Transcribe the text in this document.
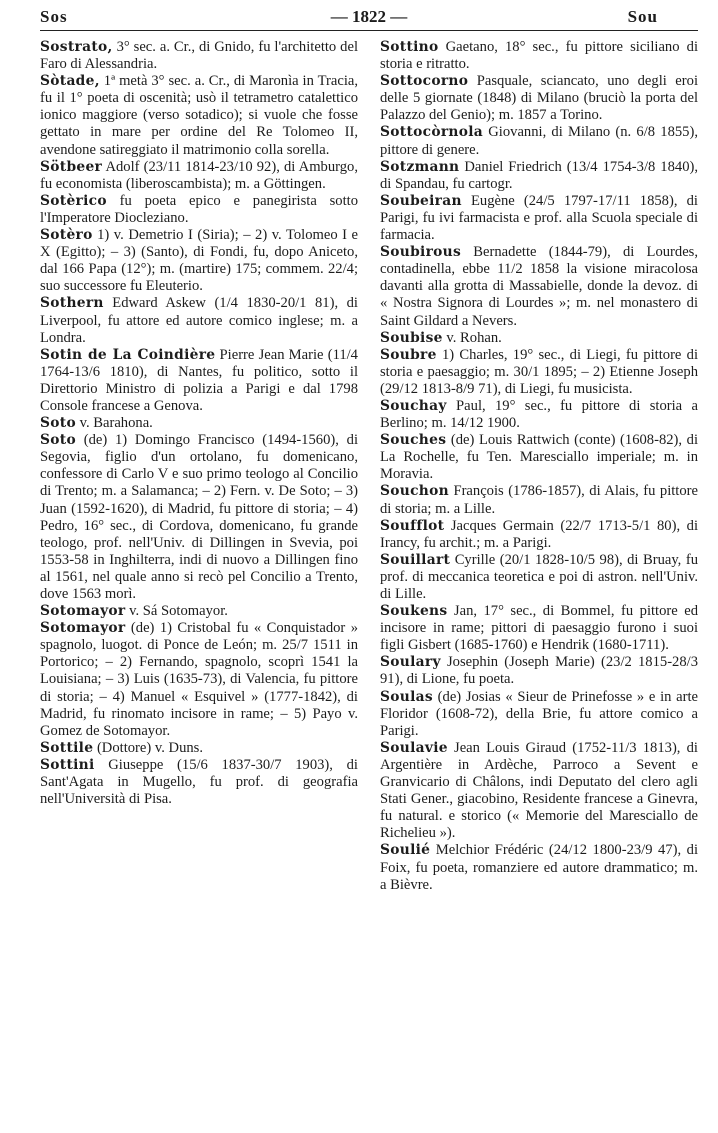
Sos	— 1822 —	Sou

Sostrato, 3° sec. a. Cr., di Gnido, fu l'architetto del Faro di Alessandria.

Sòtade, 1ª metà 3° sec. a. Cr., di Maronìa in Tracia, fu il 1° poeta di oscenità; usò il tetrametro catalettico ionico maggiore (verso sotadico); si vuole che fosse gettato in mare per ordine del Re Tolomeo II, avendone satireggiato il matrimonio colla sorella.

Sötbeer Adolf (23/11 1814-23/10 92), di Amburgo, fu economista (liberoscambista); m. a Göttingen.

Sotèrico fu poeta epico e panegirista sotto l'Imperatore Diocleziano.

Sotèro 1) v. Demetrio I (Siria); – 2) v. Tolomeo I e X (Egitto); – 3) (Santo), di Fondi, fu, dopo Aniceto, dal 166 Papa (12°); m. (martire) 175; commem. 22/4; suo successore fu Eleuterio.

Sothern Edward Askew (1/4 1830-20/1 81), di Liverpool, fu attore ed autore comico inglese; m. a Londra.

Sotin de La Coindière Pierre Jean Marie (11/4 1764-13/6 1810), di Nantes, fu politico, sotto il Direttorio Ministro di polizia a Parigi e dal 1798 Console francese a Genova.

Soto v. Barahona.

Soto (de) 1) Domingo Francisco (1494-1560), di Segovia, figlio d'un ortolano, fu domenicano, confessore di Carlo V e suo primo teologo al Concilio di Trento; m. a Salamanca; – 2) Fern. v. De Soto; – 3) Juan (1592-1620), di Madrid, fu pittore di storia; – 4) Pedro, 16° sec., di Cordova, domenicano, fu grande teologo, prof. nell'Univ. di Dillingen in Svevia, poi 1553-58 in Inghilterra, indi di nuovo a Dillingen fino al 1561, nel quale anno si recò pel Concilio a Trento, dove 1563 morì.

Sotomayor v. Sá Sotomayor.

Sotomayor (de) 1) Cristobal fu « Conquistador » spagnolo, luogot. di Ponce de León; m. 25/7 1511 in Portorico; – 2) Fernando, spagnolo, scoprì 1541 la Louisiana; – 3) Luis (1635-73), di Valencia, fu pittore di storia; – 4) Manuel « Esquivel » (1777-1842), di Madrid, fu rinomato incisore in rame; – 5) Payo v. Gomez de Sotomayor.

Sottile (Dottore) v. Duns.

Sottini Giuseppe (15/6 1837-30/7 1903), di Sant'Agata in Mugello, fu prof. di geografia nell'Università di Pisa.

Sottino Gaetano, 18° sec., fu pittore siciliano di storia e ritratto.

Sottocorno Pasquale, sciancato, uno degli eroi delle 5 giornate (1848) di Milano (bruciò la porta del Palazzo del Genio); m. 1857 a Torino.

Sottocòrnola Giovanni, di Milano (n. 6/8 1855), pittore di genere.

Sotzmann Daniel Friedrich (13/4 1754-3/8 1840), di Spandau, fu cartogr.

Soubeiran Eugène (24/5 1797-17/11 1858), di Parigi, fu ivi farmacista e prof. alla Scuola speciale di farmacia.

Soubirous Bernadette (1844-79), di Lourdes, contadinella, ebbe 11/2 1858 la visione miracolosa davanti alla grotta di Massabielle, donde la devoz. di « Nostra Signora di Lourdes »; m. nel monastero di Saint Gildard a Nevers.

Soubise v. Rohan.

Soubre 1) Charles, 19° sec., di Liegi, fu pittore di storia e paesaggio; m. 30/1 1895; – 2) Etienne Joseph (29/12 1813-8/9 71), di Liegi, fu musicista.

Souchay Paul, 19° sec., fu pittore di storia a Berlino; m. 14/12 1900.

Souches (de) Louis Rattwich (conte) (1608-82), di La Rochelle, fu Ten. Maresciallo imperiale; m. in Moravia.

Souchon François (1786-1857), di Alais, fu pittore di storia; m. a Lille.

Soufflot Jacques Germain (22/7 1713-5/1 80), di Irancy, fu archit.; m. a Parigi.

Souillart Cyrille (20/1 1828-10/5 98), di Bruay, fu prof. di meccanica teoretica e poi di astron. nell'Univ. di Lille.

Soukens Jan, 17° sec., di Bommel, fu pittore ed incisore in rame; pittori di paesaggio furono i suoi figli Gisbert (1685-1760) e Hendrik (1680-1711).

Soulary Josephin (Joseph Marie) (23/2 1815-28/3 91), di Lione, fu poeta.

Soulas (de) Josias « Sieur de Prinefosse » e in arte Floridor (1608-72), della Brie, fu attore comico a Parigi.

Soulavie Jean Louis Giraud (1752-11/3 1813), di Argentière in Ardèche, Parroco a Sevent e Granvicario di Châlons, indi Deputato del clero agli Stati Gener., giacobino, Residente francese a Ginevra, fu natural. e storico (« Memorie del Maresciallo de Richelieu »).

Soulié Melchior Frédéric (24/12 1800-23/9 47), di Foix, fu poeta, romanziere ed autore drammatico; m. a Bièvre.
